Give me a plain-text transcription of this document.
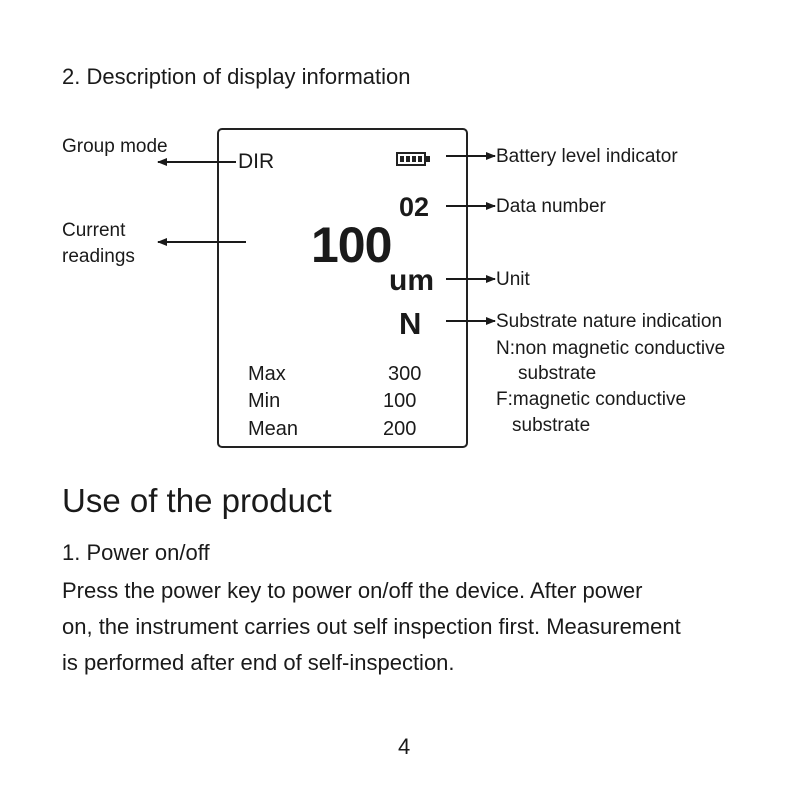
2. Description of display information
Group mode
Current
readings
Battery level indicator
Data number
Unit
Substrate nature indication
N:non magnetic conductive
substrate
F:magnetic conductive
substrate
DIR
02
100
um
N
Max	300
Min	100
Mean	200
Use of the product
1. Power on/off
Press the power key to power on/off the device. After power
on, the instrument carries out self inspection first. Measurement
is performed after end of self-inspection.
4
